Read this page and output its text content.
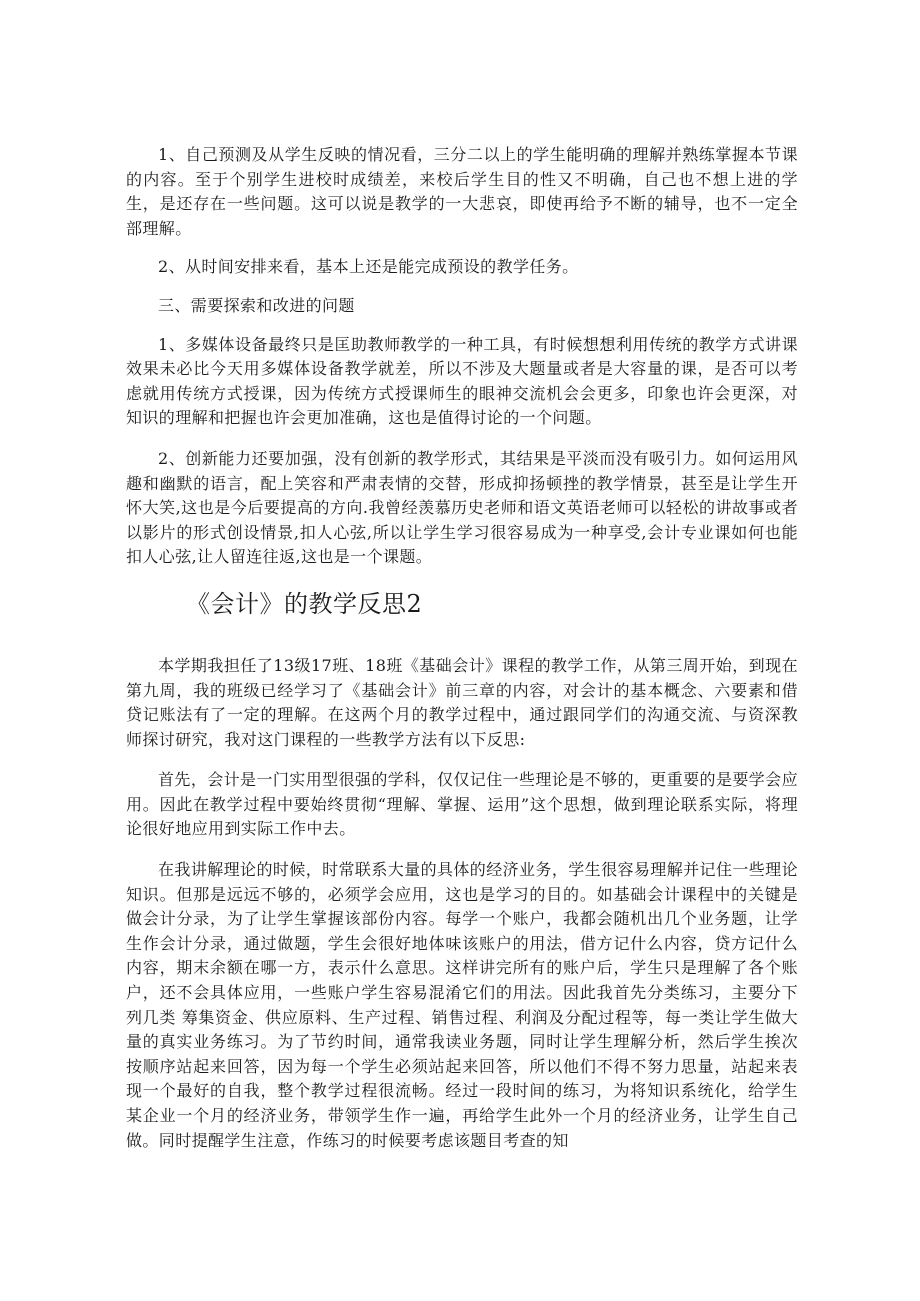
1、自己预测及从学生反映的情况看，三分二以上的学生能明确的理解并熟练掌握本节课的内容。至于个别学生进校时成绩差，来校后学生目的性又不明确，自己也不想上进的学生，是还存在一些问题。这可以说是教学的一大悲哀，即使再给予不断的辅导，也不一定全部理解。

2、从时间安排来看，基本上还是能完成预设的教学任务。

三、需要探索和改进的问题

1、多媒体设备最终只是匡助教师教学的一种工具，有时候想想利用传统的教学方式讲课效果未必比今天用多媒体设备教学就差，所以不涉及大题量或者是大容量的课，是否可以考虑就用传统方式授课，因为传统方式授课师生的眼神交流机会会更多，印象也许会更深，对知识的理解和把握也许会更加准确，这也是值得讨论的一个问题。

2、创新能力还要加强，没有创新的教学形式，其结果是平淡而没有吸引力。如何运用风趣和幽默的语言，配上笑容和严肃表情的交替，形成抑扬顿挫的教学情景，甚至是让学生开怀大笑,这也是今后要提高的方向.我曾经羡慕历史老师和语文英语老师可以轻松的讲故事或者以影片的形式创设情景,扣人心弦,所以让学生学习很容易成为一种享受,会计专业课如何也能扣人心弦,让人留连往返,这也是一个课题。

《会计》的教学反思2

本学期我担任了13级17班、18班《基础会计》课程的教学工作，从第三周开始，到现在第九周，我的班级已经学习了《基础会计》前三章的内容，对会计的基本概念、六要素和借贷记账法有了一定的理解。在这两个月的教学过程中，通过跟同学们的沟通交流、与资深教师探讨研究，我对这门课程的一些教学方法有以下反思:

首先，会计是一门实用型很强的学科，仅仅记住一些理论是不够的，更重要的是要学会应用。因此在教学过程中要始终贯彻“理解、掌握、运用”这个思想，做到理论联系实际，将理论很好地应用到实际工作中去。

在我讲解理论的时候，时常联系大量的具体的经济业务，学生很容易理解并记住一些理论知识。但那是远远不够的，必须学会应用，这也是学习的目的。如基础会计课程中的关键是做会计分录，为了让学生掌握该部份内容。每学一个账户，我都会随机出几个业务题，让学生作会计分录，通过做题，学生会很好地体味该账户的用法，借方记什么内容，贷方记什么内容，期末余额在哪一方，表示什么意思。这样讲完所有的账户后，学生只是理解了各个账户，还不会具体应用，一些账户学生容易混淆它们的用法。因此我首先分类练习，主要分下列几类 筹集资金、供应原料、生产过程、销售过程、利润及分配过程等，每一类让学生做大量的真实业务练习。为了节约时间，通常我读业务题，同时让学生理解分析，然后学生挨次按顺序站起来回答，因为每一个学生必须站起来回答，所以他们不得不努力思量，站起来表现一个最好的自我，整个教学过程很流畅。经过一段时间的练习，为将知识系统化，给学生某企业一个月的经济业务，带领学生作一遍，再给学生此外一个月的经济业务，让学生自己做。同时提醒学生注意，作练习的时候要考虑该题目考查的知
